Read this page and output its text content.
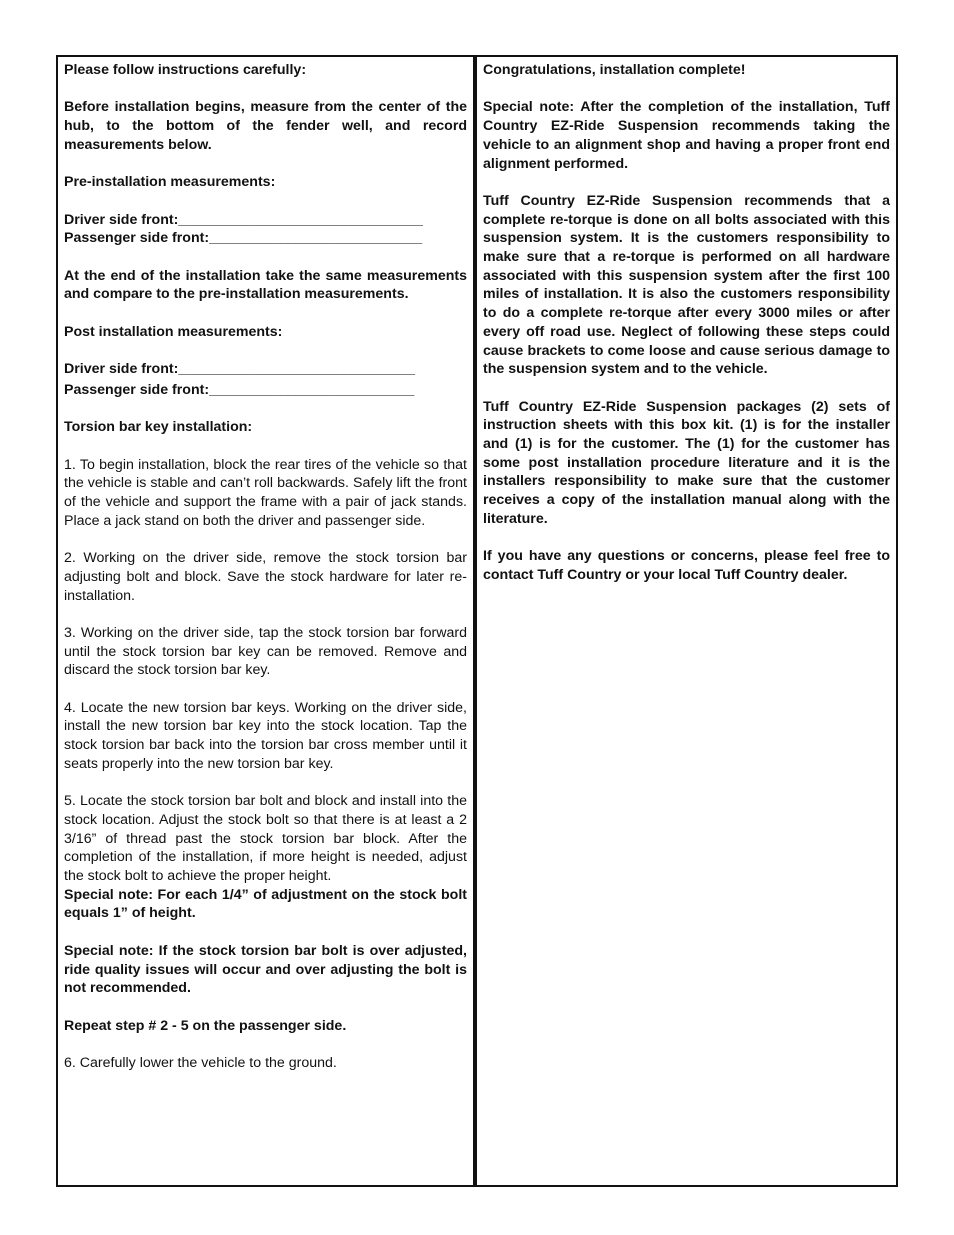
Please follow instructions carefully:

Before installation begins, measure from the center of the hub, to the bottom of the fender well, and record measurements below.

Pre-installation measurements:

Driver side front:_______________________________

Passenger side front:___________________________

At the end of the installation take the same measurements and compare to the pre-installation measurements.

Post installation measurements:

Driver side front:______________________________

Passenger side front:__________________________

Torsion bar key installation:

1. To begin installation, block the rear tires of the vehicle so that the vehicle is stable and can’t roll backwards. Safely lift the front of the vehicle and support the frame with a pair of jack stands. Place a jack stand on both the driver and passenger side.

2. Working on the driver side, remove the stock torsion bar adjusting bolt and block. Save the stock hardware for later re-installation.

3. Working on the driver side, tap the stock torsion bar forward until the stock torsion bar key can be removed. Remove and discard the stock torsion bar key.

4. Locate the new torsion bar keys. Working on the driver side, install the new torsion bar key into the stock location. Tap the stock torsion bar back into the torsion bar cross member until it seats properly into the new torsion bar key.

5. Locate the stock torsion bar bolt and block and install into the stock location. Adjust the stock bolt so that there is at least a 2 3/16” of thread past the stock torsion bar block. After the completion of the installation, if more height is needed, adjust the stock bolt to achieve the proper height.

Special note: For each 1/4” of adjustment on the stock bolt equals 1” of height.

Special note: If the stock torsion bar bolt is over adjusted, ride quality issues will occur and over adjusting the bolt is not recommended.

Repeat step # 2 - 5 on the passenger side.

6. Carefully lower the vehicle to the ground.

Congratulations, installation complete!

Special note: After the completion of the installation, Tuff Country EZ-Ride Suspension recommends taking the vehicle to an alignment shop and having a proper front end alignment performed.

Tuff Country EZ-Ride Suspension recommends that a complete re-torque is done on all bolts associated with this suspension system. It is the customers responsibility to make sure that a re-torque is performed on all hardware associated with this suspension system after the first 100 miles of installation. It is also the customers responsibility to do a complete re-torque after every 3000 miles or after every off road use. Neglect of following these steps could cause brackets to come loose and cause serious damage to the suspension system and to the vehicle.

Tuff Country EZ-Ride Suspension packages (2) sets of instruction sheets with this box kit. (1) is for the installer and (1) is for the customer. The (1) for the customer has some post installation procedure literature and it is the installers responsibility to make sure that the customer receives a copy of the installation manual along with the literature.

If you have any questions or concerns, please feel free to contact Tuff Country or your local Tuff Country dealer.
